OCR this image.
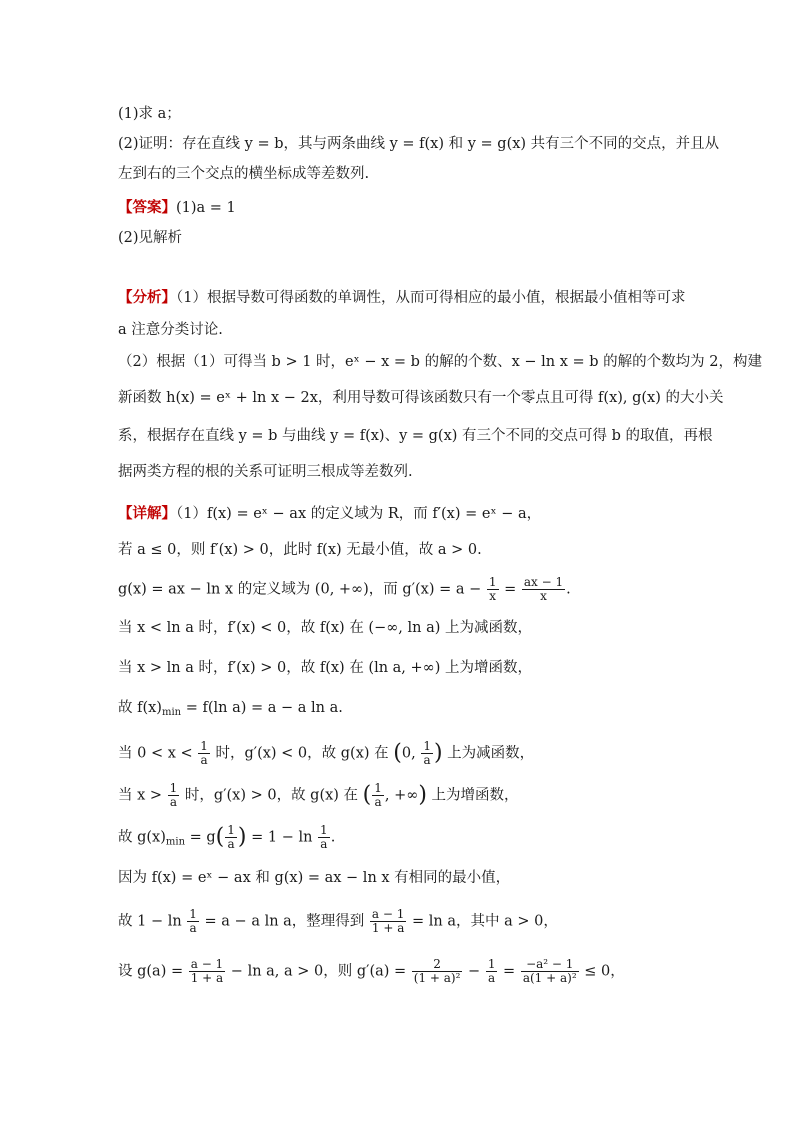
(1)求 a；
(2)证明：存在直线 y = b，其与两条曲线 y = f(x) 和 y = g(x) 共有三个不同的交点，并且从
左到右的三个交点的横坐标成等差数列.
【答案】(1)a = 1
(2)见解析
【分析】（1）根据导数可得函数的单调性，从而可得相应的最小值，根据最小值相等可求
a 注意分类讨论.
（2）根据（1）可得当 b > 1 时，eˣ − x = b 的解的个数、x − ln x = b 的解的个数均为 2，构建
新函数 h(x) = eˣ + ln x − 2x，利用导数可得该函数只有一个零点且可得 f(x), g(x) 的大小关
系，根据存在直线 y = b 与曲线 y = f(x)、y = g(x) 有三个不同的交点可得 b 的取值，再根
据两类方程的根的关系可证明三根成等差数列.
【详解】（1）f(x) = eˣ − ax 的定义域为 R，而 f′(x) = eˣ − a，
若 a ≤ 0，则 f′(x) > 0，此时 f(x) 无最小值，故 a > 0.
g(x) = ax − ln x 的定义域为 (0, +∞)，而 $g'(x) = a - \frac{1}{x} = \frac{ax - 1}{x}$ .
当 x < ln a 时，f′(x) < 0，故 f(x) 在 (−∞, ln a) 上为减函数，
当 x > ln a 时，f′(x) > 0，故 f(x) 在 (ln a, +∞) 上为增函数，
故 $f(x)_{min} = f(\ln$ a) = a − a ln a.
当 $0 < x < \frac{1}{a}$ 时，g′(x) < 0，故 g(x) 在 (0, $\frac{1}{a}$ ) 上为减函数，
当 $x > \frac{1}{a}$ 时，g′(x) > 0，故 g(x) 在 ( $\frac{1}{a}$ , +∞) 上为增函数，
故 $g(x)_{min} = g( \frac{1}{a}$ ) = $1 - \ln \frac{1}{a}$ .
因为 f(x) = eˣ − ax 和 g(x) = ax − ln x 有相同的最小值，
故 $1 - \ln \frac{1}{a} = a - a$ ln a，整理得到 $\frac{a - 1}{1 + a} = \ln a$，其中 a > 0，
设 $g(a) = \frac{a - 1}{1 + a} - \ln a$, a > 0，则 $g'(a) = \frac{2}{\text{(1 + a)²}} - \frac{1}{a} = \frac{\text{−a² − 1}}{\text{a(1 + a)²}} \le 0$，
